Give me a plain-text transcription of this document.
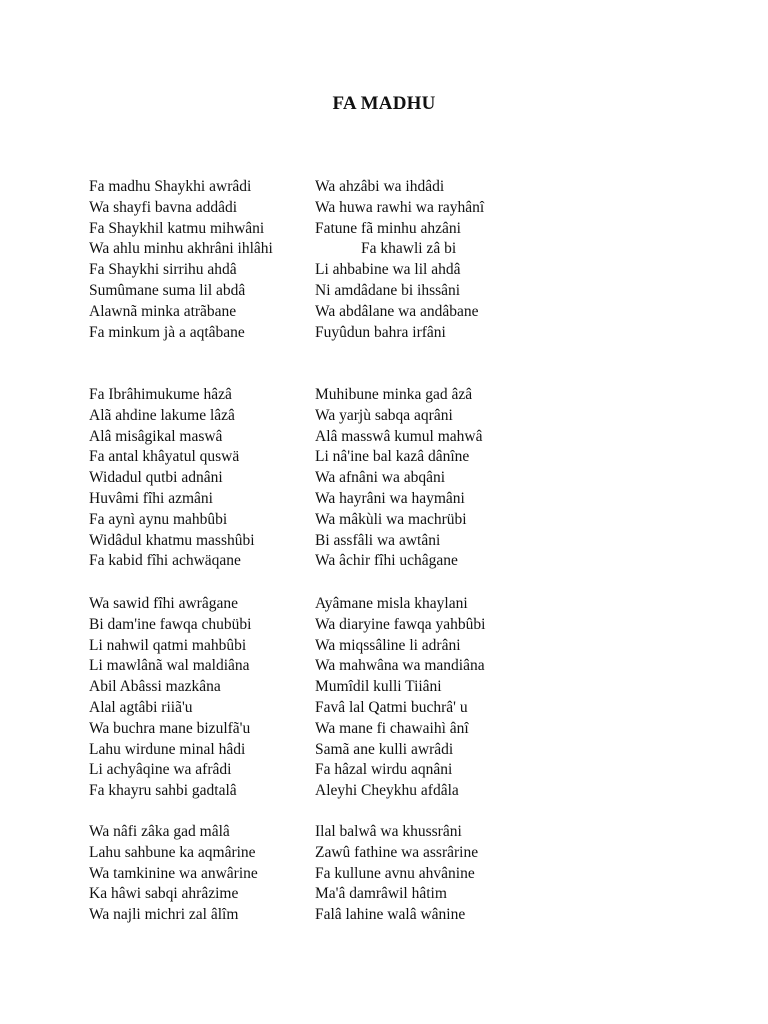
FA MADHU
Fa madhu Shaykhi awrâdi	Wa ahzâbi wa ihdâdi
Wa shayfi bavna addâdi	Wa huwa rawhi wa rayhânî
Fa Shaykhil katmu mihwâni	Fatune fã minhu ahzâni
Wa ahlu minhu akhrâni ihlâhi	Fa khawli zâ bi
Fa Shaykhi sirrihu ahdâ	Li ahbabine wa lil ahdâ
Sumûmane suma lil abdâ	Ni amdâdane bi ihssâni
Alawnã minka atrãbane	Wa abdâlane wa andâbane
Fa minkum jà a aqtâbane	Fuyûdun bahra irfâni
Fa Ibrâhimukume hâzâ	Muhibune minka gad âzâ
Alã ahdine lakume lâzâ	Wa yarjù sabqa aqrâni
Alâ misâgikal maswâ	Alâ masswâ kumul mahwâ
Fa antal khâyatul quswä	Li nâ'ine bal kazâ dânîne
Widadul qutbi adnâni	Wa afnâni wa abqâni
Huvâmi fîhi azmâni	Wa hayrâni wa haymâni
Fa aynì aynu mahbûbi	Wa mâkùli wa machrübi
Widâdul khatmu masshûbi	Bi assfâli wa awtâni
Fa kabid fîhi achwäqane	Wa âchir fîhi uchâgane
Wa sawid fîhi awrâgane	Ayâmane misla khaylani
Bi dam'ine fawqa chubübi	Wa diaryine fawqa yahbûbi
Li nahwil qatmi mahbûbi	Wa miqssâline li adrâni
Li mawlânã wal maldiâna	Wa mahwâna wa mandiâna
Abil Abâssi mazkâna	Mumîdil kulli Tiiâni
Alal agtâbi riiã'u	Favâ lal Qatmi buchrâ' u
Wa buchra mane bizulfã'u	Wa mane fi chawaihì ânî
Lahu wirdune minal hâdi	Samã ane kulli awrâdi
Li achyâqine wa afrâdi	Fa hâzal wirdu aqnâni
Fa khayru sahbi gadtalâ	Aleyhi Cheykhu afdâla
Wa nâfi zâka gad mâlâ	Ilal balwâ wa khussrâni
Lahu sahbune ka aqmârine	Zawû fathine wa assrârine
Wa tamkinine wa anwârine	Fa kullune avnu ahvânine
Ka hâwi sabqi ahrâzime	Ma'â damrâwil hâtim
Wa najli michri zal âlîm	Falâ lahine walâ wânine
